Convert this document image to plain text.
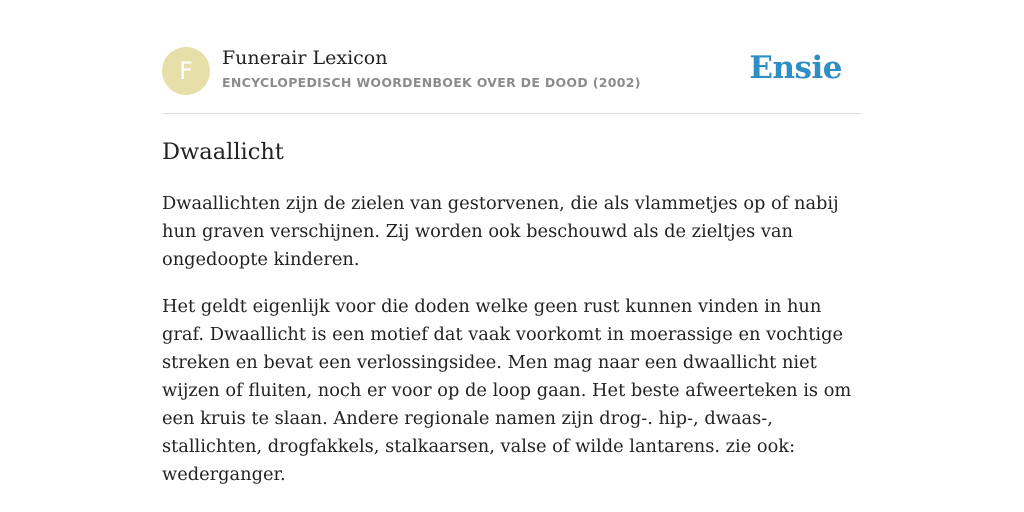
F	Funerair Lexicon
ENCYCLOPEDISCH WOORDENBOEK OVER DE DOOD (2002)	Ensie
Dwaallicht

Dwaallichten zijn de zielen van gestorvenen, die als vlammetjes op of nabij hun graven verschijnen. Zij worden ook beschouwd als de zieltjes van ongedoopte kinderen.

Het geldt eigenlijk voor die doden welke geen rust kunnen vinden in hun graf. Dwaallicht is een motief dat vaak voorkomt in moerassige en vochtige streken en bevat een verlossingsidee. Men mag naar een dwaallicht niet wijzen of fluiten, noch er voor op de loop gaan. Het beste afweerteken is om een kruis te slaan. Andere regionale namen zijn drog-. hip-, dwaas-, stallichten, drogfakkels, stalkaarsen, valse of wilde lantarens. zie ook: wederganger.
